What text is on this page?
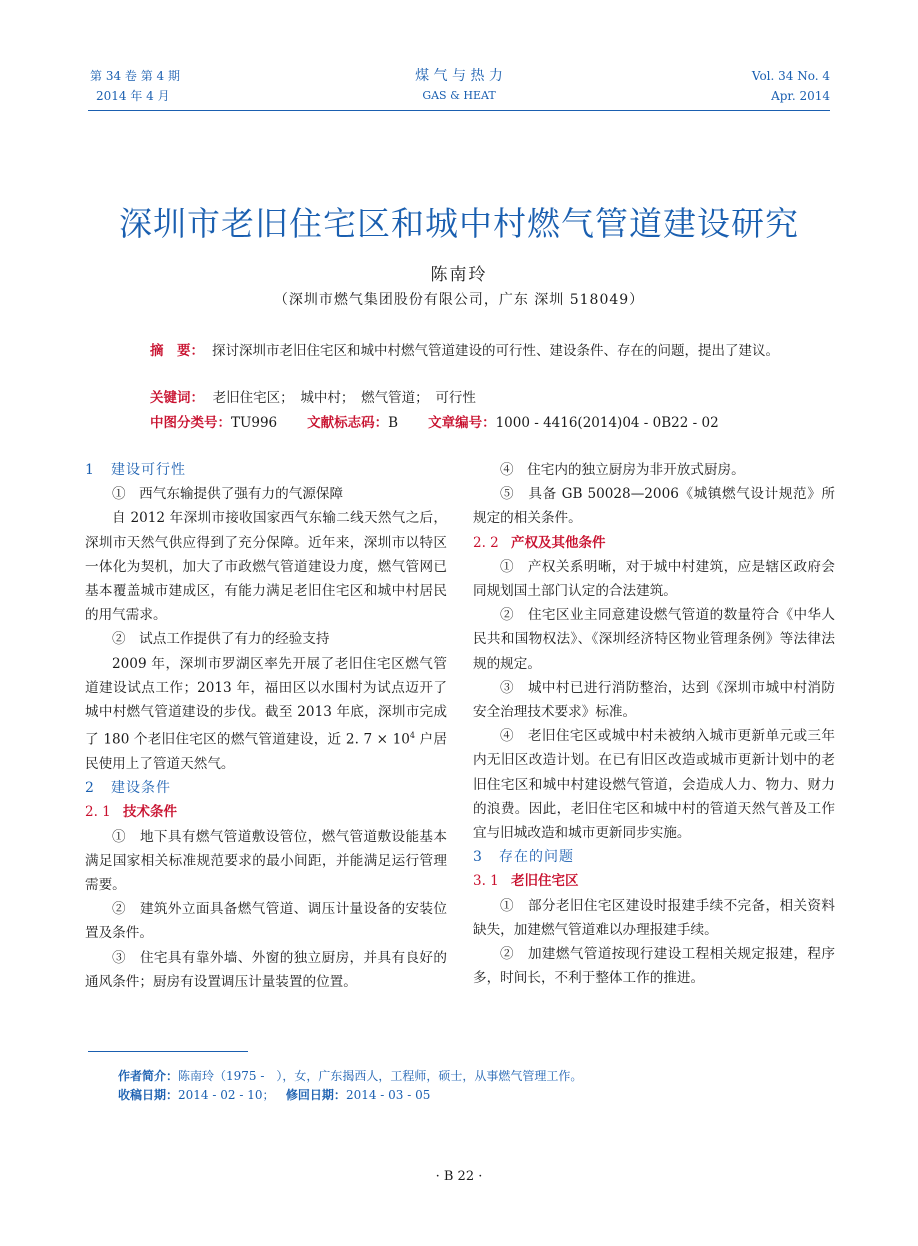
第 34 卷 第 4 期
2014 年 4 月
煤 气 与 热 力
GAS & HEAT
Vol. 34 No. 4
Apr. 2014
深圳市老旧住宅区和城中村燃气管道建设研究
陈南玲
（深圳市燃气集团股份有限公司，广东 深圳 518049）
摘　要： 探讨深圳市老旧住宅区和城中村燃气管道建设的可行性、建设条件、存在的问题，提出了建议。
关键词： 老旧住宅区；　城中村；　燃气管道；　可行性
中图分类号：TU996 文献标志码：B 文章编号：1000 - 4416(2014)04 - 0B22 - 02
1 建设可行性

①　西气东输提供了强有力的气源保障

自 2012 年深圳市接收国家西气东输二线天然气之后，深圳市天然气供应得到了充分保障。近年来，深圳市以特区一体化为契机，加大了市政燃气管道建设力度，燃气管网已基本覆盖城市建成区，有能力满足老旧住宅区和城中村居民的用气需求。

②　试点工作提供了有力的经验支持

2009 年，深圳市罗湖区率先开展了老旧住宅区燃气管道建设试点工作；2013 年，福田区以水围村为试点迈开了城中村燃气管道建设的步伐。截至 2013 年底，深圳市完成了 180 个老旧住宅区的燃气管道建设，近 2. $7 \times 10^4$ 户居民使用上了管道天然气。

2 建设条件
2. 1 技术条件

①　地下具有燃气管道敷设管位，燃气管道敷设能基本满足国家相关标准规范要求的最小间距，并能满足运行管理需要。

②　建筑外立面具备燃气管道、调压计量设备的安装位置及条件。

③　住宅具有靠外墙、外窗的独立厨房，并具有良好的通风条件；厨房有设置调压计量装置的位置。

④　住宅内的独立厨房为非开放式厨房。

⑤　具备 GB 50028—2006《城镇燃气设计规范》所规定的相关条件。

2. 2 产权及其他条件

①　产权关系明晰，对于城中村建筑，应是辖区政府会同规划国土部门认定的合法建筑。

②　住宅区业主同意建设燃气管道的数量符合《中华人民共和国物权法》、《深圳经济特区物业管理条例》等法律法规的规定。

③　城中村已进行消防整治，达到《深圳市城中村消防安全治理技术要求》标准。

④　老旧住宅区或城中村未被纳入城市更新单元或三年内无旧区改造计划。在已有旧区改造或城市更新计划中的老旧住宅区和城中村建设燃气管道，会造成人力、物力、财力的浪费。因此，老旧住宅区和城中村的管道天然气普及工作宜与旧城改造和城市更新同步实施。

3 存在的问题
3. 1 老旧住宅区

①　部分老旧住宅区建设时报建手续不完备，相关资料缺失，加建燃气管道难以办理报建手续。

②　加建燃气管道按现行建设工程相关规定报建，程序多，时间长，不利于整体工作的推进。

作者简介：陈南玲（1975 -　），女，广东揭西人，工程师，硕士，从事燃气管理工作。
收稿日期：2014 - 02 - 10； 修回日期：2014 - 03 - 05
· B 22 ·
